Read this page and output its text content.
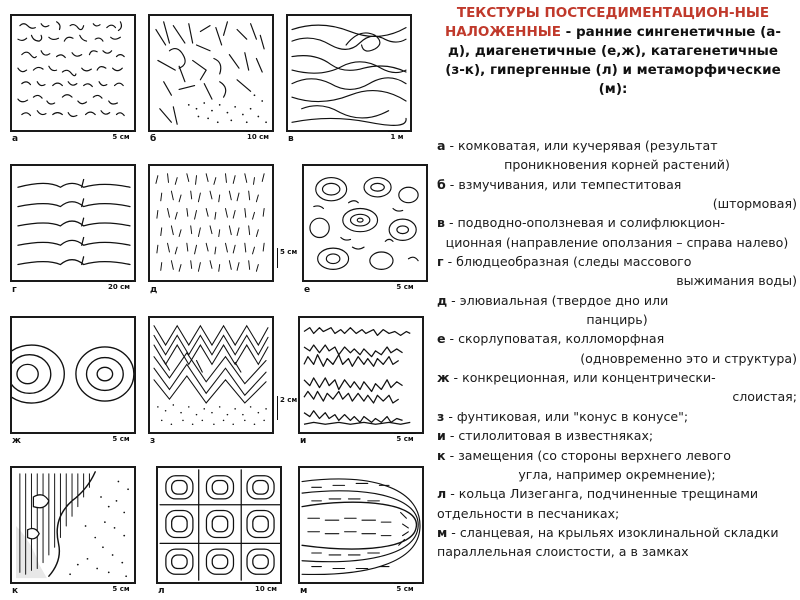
ТЕКСТУРЫ ПОСТСЕДИМЕНТАЦИОН-НЫЕ НАЛОЖЕННЫЕ - ранние сингенетичные (а-д), диагенетичные (е,ж), катагенетичные (з-к), гипергенные (л) и метаморфические (м):
а - комковатая, или кучерявая (результат
проникновения корней растений)
б - взмучивания, или темпеститовая
(штормовая)
в - подводно-оползневая и солифлюкцион-
ционная (направление оползания – справа налево)
г - блюдцеобразная (следы массового
выжимания воды)
д - элювиальная (твердое дно или
панцирь)
е - скорлуповатая, колломорфная
(одновременно это и структура)
ж - конкреционная, или концентрически-
слоистая;
з - фунтиковая, или "конус в конусе";
и - стилолитовая в известняках;
к - замещения (со стороны верхнего левого
угла, например окремнение);
л - кольца Лизеганга, подчиненные трещинами отдельности в песчаниках;
м - сланцевая, на крыльях изоклинальной складки параллельная слоистости, а в замках
а	5 см б	10 см в	1 м
г	20 см д
5 см
е	5 см
ж	5 см з
2 см
и	5 см
к	5 см	л	10 см	м	5 см
